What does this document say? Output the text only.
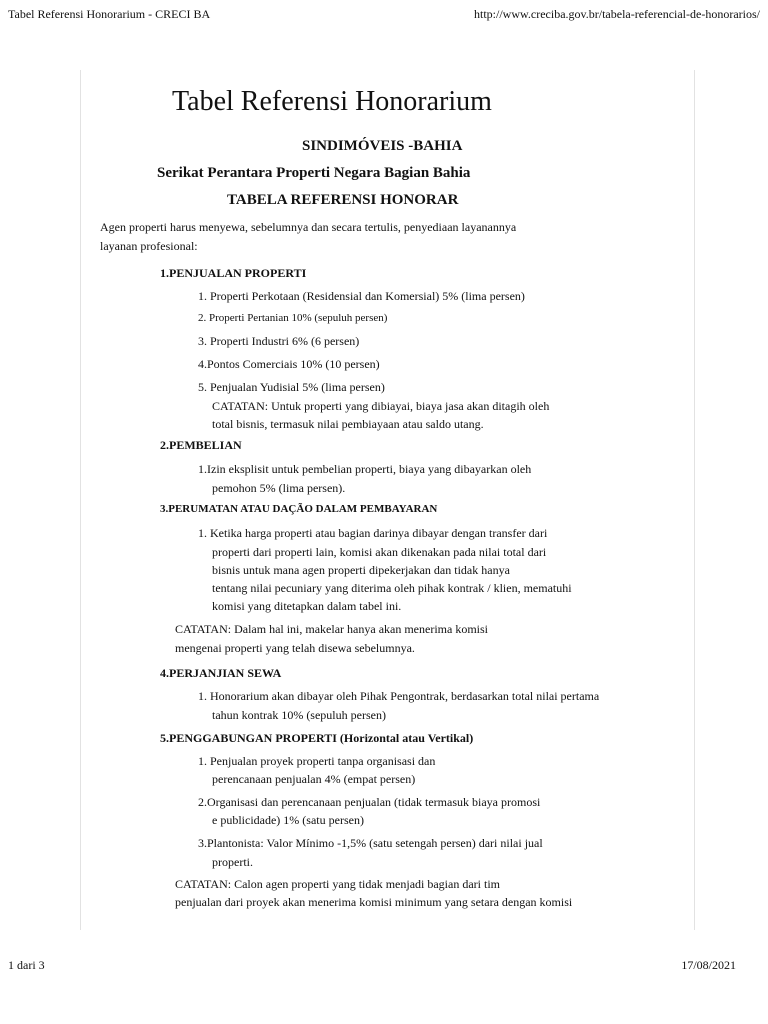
Tabel Referensi Honorarium - CRECI BA	http://www.creciba.gov.br/tabela-referencial-de-honorarios/
Tabel Referensi Honorarium
SINDIMÓVEIS -BAHIA
Serikat Perantara Properti Negara Bagian Bahia
TABELA REFERENSI HONORAR
Agen properti harus menyewa, sebelumnya dan secara tertulis, penyediaan layanannya
layanan profesional:
1.PENJUALAN PROPERTI
1. Properti Perkotaan (Residensial dan Komersial) 5% (lima persen)
2. Properti Pertanian 10% (sepuluh persen)
3. Properti Industri 6% (6 persen)
4.Pontos Comerciais 10% (10 persen)
5. Penjualan Yudisial 5% (lima persen)
CATATAN: Untuk properti yang dibiayai, biaya jasa akan ditagih oleh
total bisnis, termasuk nilai pembiayaan atau saldo utang.
2.PEMBELIAN
1.Izin eksplisit untuk pembelian properti, biaya yang dibayarkan oleh
pemohon 5% (lima persen).
3.PERUMATAN ATAU DAÇÃO DALAM PEMBAYARAN
1. Ketika harga properti atau bagian darinya dibayar dengan transfer dari
properti dari properti lain, komisi akan dikenakan pada nilai total dari
bisnis untuk mana agen properti dipekerjakan dan tidak hanya
tentang nilai pecuniary yang diterima oleh pihak kontrak / klien, mematuhi
komisi yang ditetapkan dalam tabel ini.
CATATAN: Dalam hal ini, makelar hanya akan menerima komisi
mengenai properti yang telah disewa sebelumnya.
4.PERJANJIAN SEWA
1. Honorarium akan dibayar oleh Pihak Pengontrak, berdasarkan total nilai pertama
tahun kontrak 10% (sepuluh persen)
5.PENGGABUNGAN PROPERTI (Horizontal atau Vertikal)
1. Penjualan proyek properti tanpa organisasi dan
perencanaan penjualan 4% (empat persen)
2.Organisasi dan perencanaan penjualan (tidak termasuk biaya promosi
e publicidade) 1% (satu persen)
3.Plantonista: Valor Mínimo -1,5% (satu setengah persen) dari nilai jual
properti.
CATATAN: Calon agen properti yang tidak menjadi bagian dari tim
penjualan dari proyek akan menerima komisi minimum yang setara dengan komisi
1 dari 3	17/08/2021
